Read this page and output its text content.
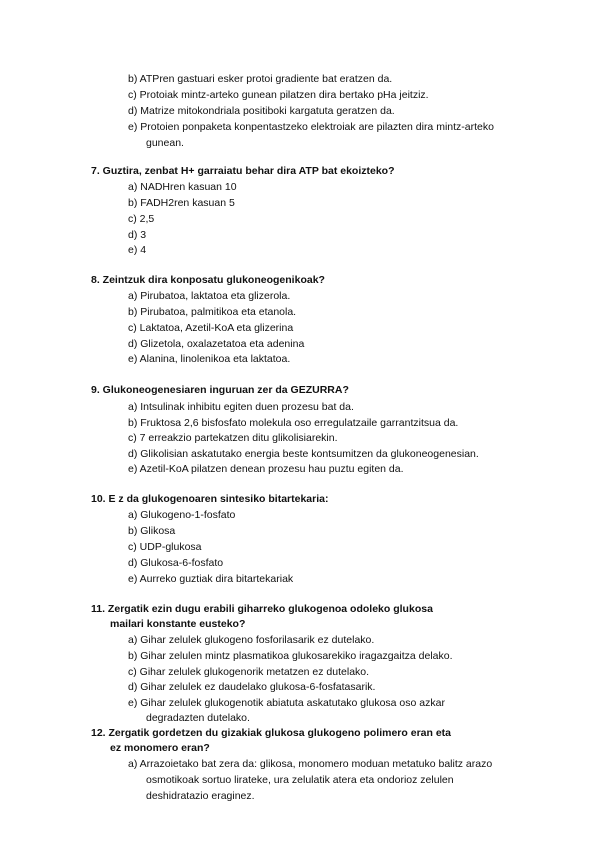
b) ATPren gastuari esker protoi gradiente bat eratzen da.
c) Protoiak mintz-arteko gunean pilatzen dira bertako pHa jeitziz.
d) Matrize mitokondriala positiboki kargatuta geratzen da.
e) Protoien ponpaketa konpentastzeko elektroiak are pilazten dira mintz-arteko
gunean.
7. Guztira, zenbat H+ garraiatu behar dira ATP bat ekoizteko?
a) NADHren kasuan 10
b) FADH2ren kasuan 5
c) 2,5
d) 3
e) 4
8. Zeintzuk dira konposatu glukoneogenikoak?
a) Pirubatoa, laktatoa eta glizerola.
b) Pirubatoa, palmitikoa eta etanola.
c) Laktatoa, Azetil-KoA eta glizerina
d) Glizetola, oxalazetatoa eta adenina
e) Alanina, linolenikoa eta laktatoa.
9. Glukoneogenesiaren inguruan zer da GEZURRA?
a) Intsulinak inhibitu egiten duen prozesu bat da.
b) Fruktosa 2,6 bisfosfato molekula oso erregulatzaile garrantzitsua da.
c) 7 erreakzio partekatzen ditu glikolisiarekin.
d) Glikolisian askatutako energia beste kontsumitzen da glukoneogenesian.
e) Azetil-KoA pilatzen denean prozesu hau puztu egiten da.
10. E z da glukogenoaren sintesiko bitartekaria:
a) Glukogeno-1-fosfato
b) Glikosa
c) UDP-glukosa
d) Glukosa-6-fosfato
e) Aurreko guztiak dira bitartekariak
11. Zergatik ezin dugu erabili giharreko glukogenoa odoleko glukosa
mailari konstante eusteko?
a) Gihar zelulek glukogeno fosforilasarik ez dutelako.
b) Gihar zelulen mintz plasmatikoa glukosarekiko iragazgaitza delako.
c) Gihar zelulek glukogenorik metatzen ez dutelako.
d) Gihar zelulek ez daudelako glukosa-6-fosfatasarik.
e) Gihar zelulek glukogenotik abiatuta askatutako glukosa oso azkar
degradazten dutelako.
12. Zergatik gordetzen du gizakiak glukosa glukogeno polimero eran eta
ez monomero eran?
a) Arrazoietako bat zera da: glikosa, monomero moduan metatuko balitz arazo
osmotikoak sortuo lirateke, ura zelulatik atera eta ondorioz zelulen
deshidratazio eraginez.
